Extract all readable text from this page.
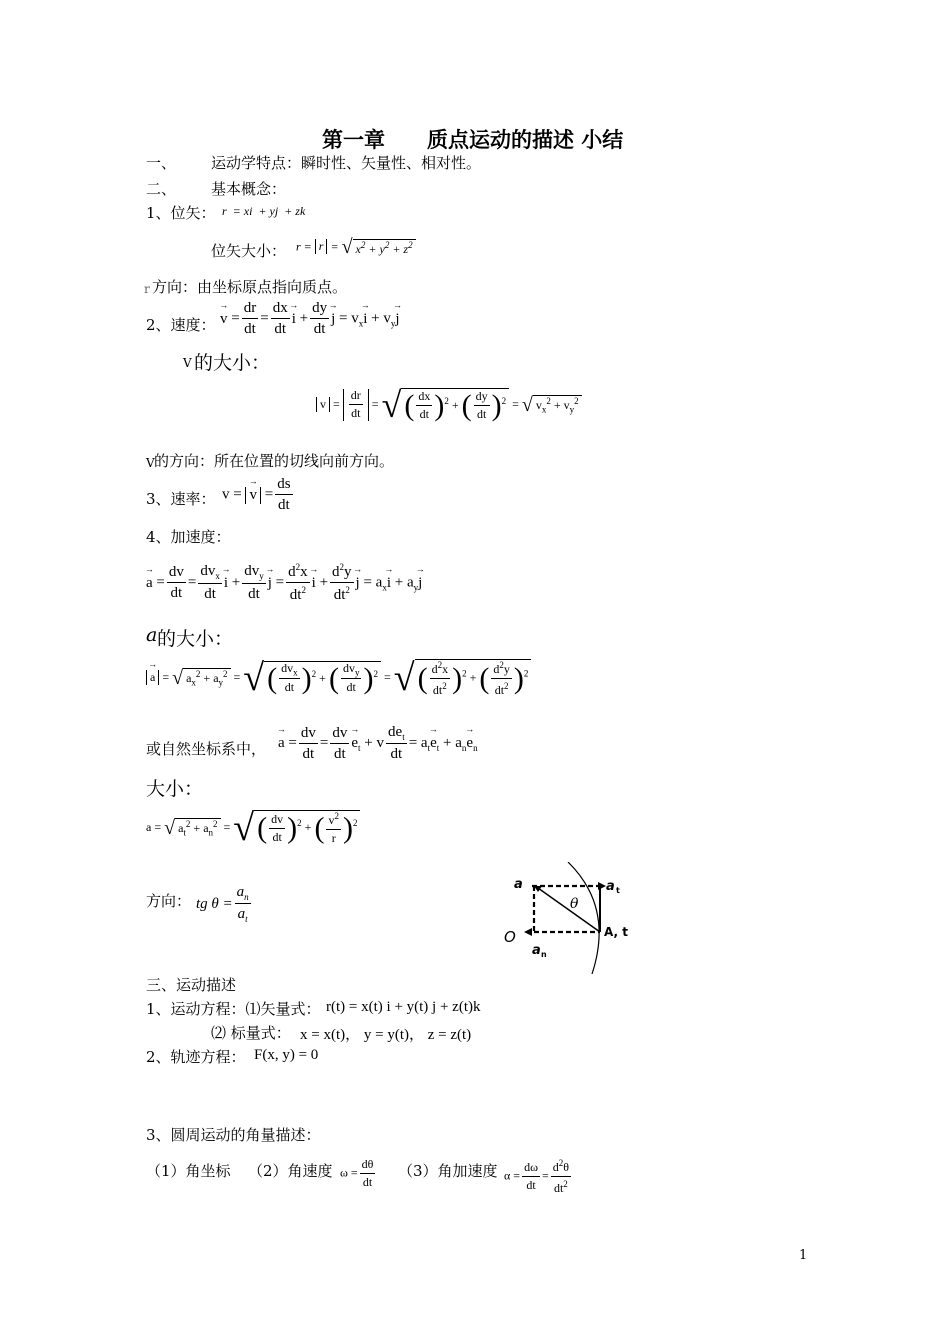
第一章　　质点运动的描述 小结
一、 运动学特点：瞬时性、矢量性、相对性。
二、 基本概念：
1、位矢： r  = xi  + yj  + zk
位矢大小： r = r = √ $x^2 + y^2 + z^2$
r 方向：由坐标原点指向质点。
2、速度：
→ $v = \frac{dr}{dt} = \frac{dx}{dt}$
→ $i + \frac{dy}{dt}$
→ $j = v_x\to i + v_y\to j$
V 的大小：
$v = \frac{dr}{dt}$ = √ ( $\frac{dx}{dt} )^2$ + ( $\frac{dy}{dt} )^2$ = √ $v_x^2 + v_y^2$
V 的方向：所在位置的切线向前方向。
3、速率： v = → $v = \frac{ds}{dt}$
4、加速度：
→ $a = \frac{dv}{dt} = \frac{dv_x}{dt}$
→ $i + \frac{dv_y}{dt}$
→ $j = \frac{d^2x}{dt^2}$
→ $i + \frac{d^2y}{dt^2}$
→ $j = a_x\to i + a_y\to j$
a 的大小：
→ a = √ $a_x^2 + a_y^2$ = √ ( $\frac{dv_x}{dt} )^2$ + ( $\frac{dv_y}{dt} )^2$ = √ ( $\frac{d^2x}{dt^2} )^2$ + ( $\frac{d^2y}{dt^2} )^2$
或自然坐标系中，
→ $a = \frac{dv}{dt} = \frac{dv}{dt}$
→ $e_t + v \frac{de_t}{dt} = a_t\to e_t + a_n\to e_n$
大小：
a = √ $a_t^2 + a_n^2$ = √ ( $\frac{dv}{dt} )^2$ + ( $\frac{v^2}{r} )^2$
方向： tg $\theta = \frac{a_n}{a_t}$	a	a t
a n
θ
O	A, t
三、运动描述
1、运动方程：⑴矢量式： r(t) = x(t) i + y(t) j + z(t)k
⑵ 标量式： x = x(t)， y = y(t)， z = z(t)
2、轨迹方程： F(x, y) = 0
3、圆周运动的角量描述：
（1）角坐标 （2）角速度 $\omega = \frac{d\theta}{dt} (3)$角加速度 $\alpha = \frac{d\omega}{dt} = \frac{d^2\theta}{dt^2}$
1
